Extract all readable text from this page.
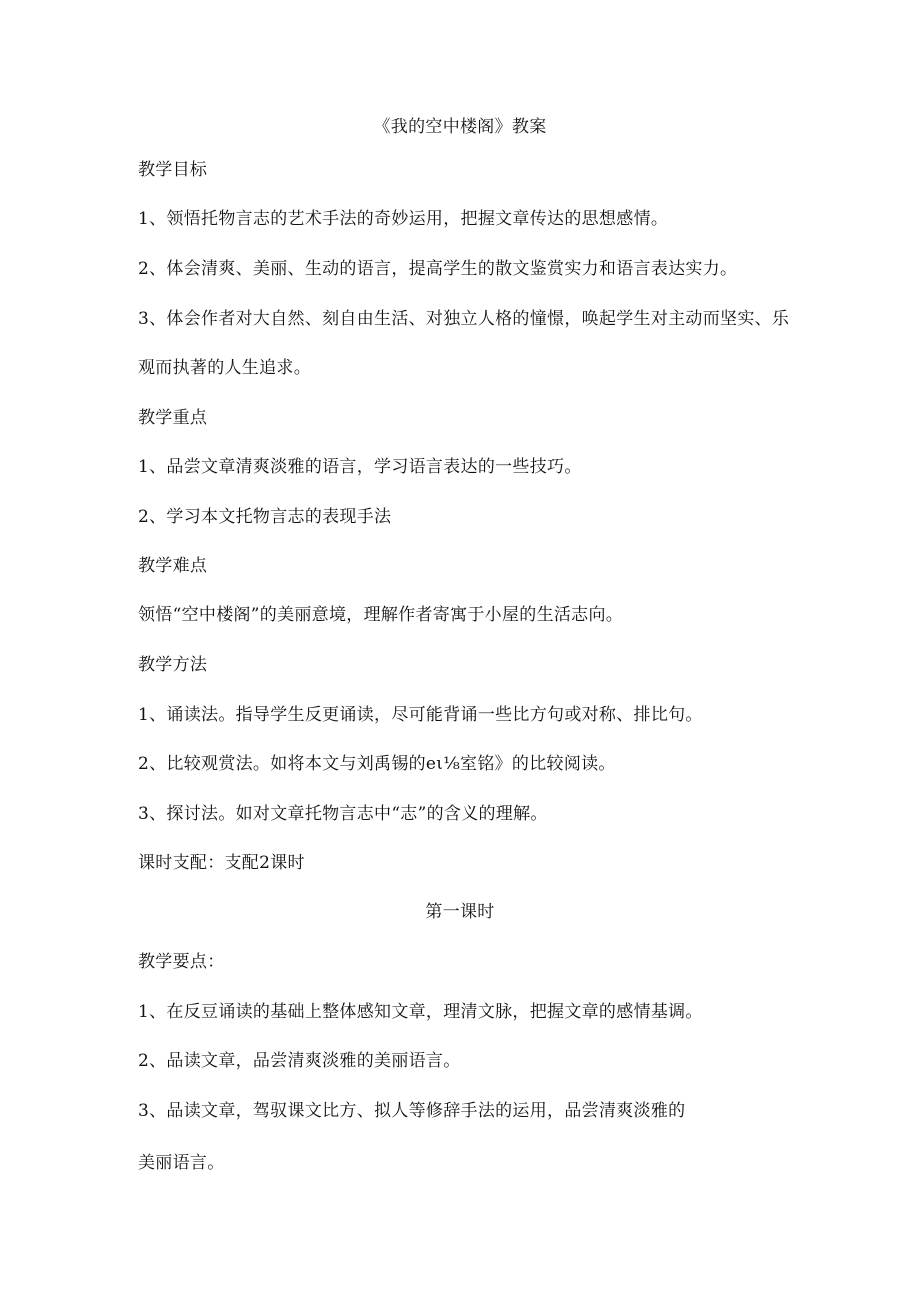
《我的空中楼阁》教案
教学目标
1、领悟托物言志的艺术手法的奇妙运用，把握文章传达的思想感情。
2、体会清爽、美丽、生动的语言，提高学生的散文鉴赏实力和语言表达实力。
3、体会作者对大自然、刻自由生活、对独立人格的憧憬，唤起学生对主动而坚实、乐
观而执著的人生追求。
教学重点
1、品尝文章清爽淡雅的语言，学习语言表达的一些技巧。
2、学习本文托物言志的表现手法
教学难点
领悟“空中楼阁”的美丽意境，理解作者寄寓于小屋的生活志向。
教学方法
1、诵读法。指导学生反更诵读，尽可能背诵一些比方句或对称、排比句。
2、比较观赏法。如将本文与刘禹锡的eι⅛室铭》的比较阅读。
3、探讨法。如对文章托物言志中“志”的含义的理解。
课时支配：支配2课时
第一课时
教学要点：
1、在反豆诵读的基础上整体感知文章，理清文脉，把握文章的感情基调。
2、品读文章，品尝清爽淡雅的美丽语言。
3、品读文章，驾驭课文比方、拟人等修辞手法的运用，品尝清爽淡雅的
美丽语言。
